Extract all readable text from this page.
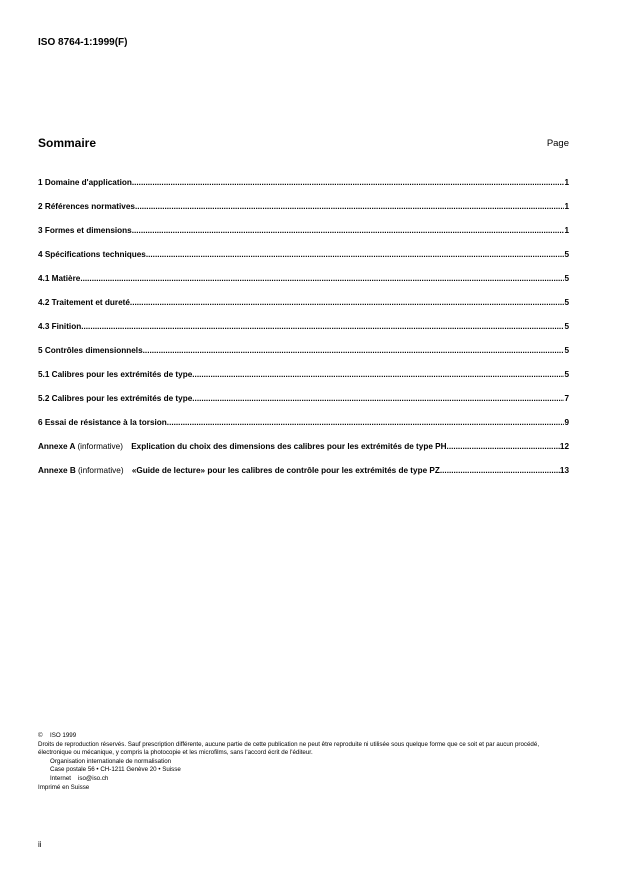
ISO 8764-1:1999(F)
Sommaire	Page
1 Domaine d'application .....	1
2 Références normatives .....	1
3 Formes et dimensions .....	1
4 Spécifications techniques .....	5
4.1 Matière .....	5
4.2 Traitement et dureté .....	5
4.3 Finition .....	5
5 Contrôles dimensionnels .....	5
5.1 Calibres pour les extrémités de type .....	5
5.2 Calibres pour les extrémités de type .....	7
6 Essai de résistance à la torsion .....	9
Annexe A (informative) Explication du choix des dimensions des calibres pour les extrémités de type PH .....	12
Annexe B (informative) «Guide de lecture» pour les calibres de contrôle pour les extrémités de type PZ .....	13

© ISO 1999

Droits de reproduction réservés. Sauf prescription différente, aucune partie de cette publication ne peut être reproduite ni utilisée sous quelque forme que ce soit et par aucun procédé, électronique ou mécanique, y compris la photocopie et les microfilms, sans l'accord écrit de l'éditeur.

Organisation internationale de normalisation

Case postale 56 • CH-1211 Genève 20 • Suisse

Internet iso@iso.ch

Imprimé en Suisse

ii
